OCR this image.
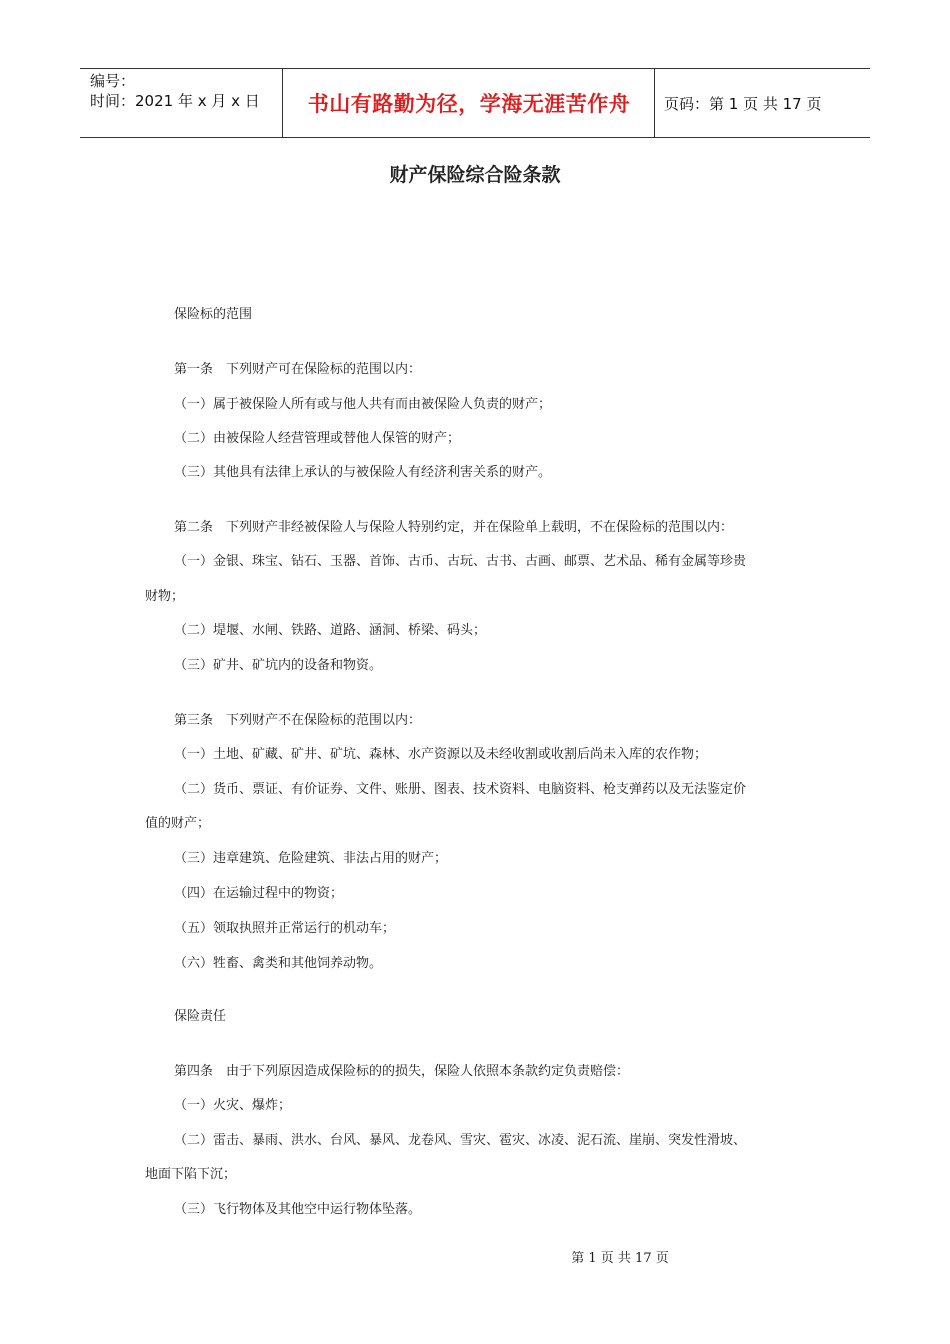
编号：
时间：2021 年 x 月 x 日	书山有路勤为径，学海无涯苦作舟	页码：第 1 页 共 17 页
财产保险综合险条款
保险标的范围
第一条　下列财产可在保险标的范围以内：
（一）属于被保险人所有或与他人共有而由被保险人负责的财产；
（二）由被保险人经营管理或替他人保管的财产；
（三）其他具有法律上承认的与被保险人有经济利害关系的财产。
第二条　下列财产非经被保险人与保险人特别约定，并在保险单上载明，不在保险标的范围以内：
（一）金银、珠宝、钻石、玉器、首饰、古币、古玩、古书、古画、邮票、艺术品、稀有金属等珍贵
财物；
（二）堤堰、水闸、铁路、道路、涵洞、桥梁、码头；
（三）矿井、矿坑内的设备和物资。
第三条　下列财产不在保险标的范围以内：
（一）土地、矿藏、矿井、矿坑、森林、水产资源以及未经收割或收割后尚未入库的农作物；
（二）货币、票证、有价证券、文件、账册、图表、技术资料、电脑资料、枪支弹药以及无法鉴定价
值的财产；
（三）违章建筑、危险建筑、非法占用的财产；
（四）在运输过程中的物资；
（五）领取执照并正常运行的机动车；
（六）牲畜、禽类和其他饲养动物。
保险责任
第四条　由于下列原因造成保险标的的损失，保险人依照本条款约定负责赔偿：
（一）火灾、爆炸；
（二）雷击、暴雨、洪水、台风、暴风、龙卷风、雪灾、雹灾、冰凌、泥石流、崖崩、突发性滑坡、
地面下陷下沉；
（三）飞行物体及其他空中运行物体坠落。
第 1 页 共 17 页
